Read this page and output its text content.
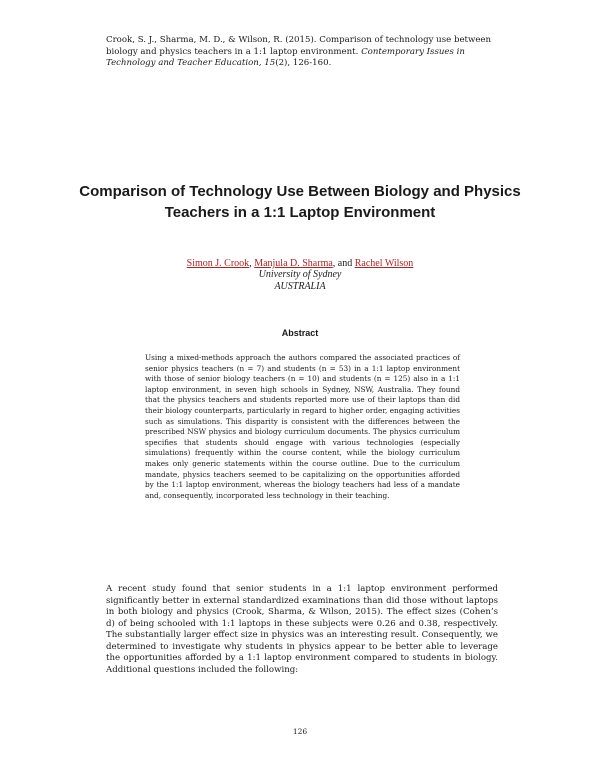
Crook, S. J., Sharma, M. D., & Wilson, R. (2015). Comparison of technology use between biology and physics teachers in a 1:1 laptop environment. Contemporary Issues in Technology and Teacher Education, 15(2), 126-160.
Comparison of Technology Use Between Biology and Physics Teachers in a 1:1 Laptop Environment
Simon J. Crook, Manjula D. Sharma, and Rachel Wilson
University of Sydney
AUSTRALIA
Abstract
Using a mixed-methods approach the authors compared the associated practices of senior physics teachers (n = 7) and students (n = 53) in a 1:1 laptop environment with those of senior biology teachers (n = 10) and students (n = 125) also in a 1:1 laptop environment, in seven high schools in Sydney, NSW, Australia. They found that the physics teachers and students reported more use of their laptops than did their biology counterparts, particularly in regard to higher order, engaging activities such as simulations. This disparity is consistent with the differences between the prescribed NSW physics and biology curriculum documents. The physics curriculum specifies that students should engage with various technologies (especially simulations) frequently within the course content, while the biology curriculum makes only generic statements within the course outline. Due to the curriculum mandate, physics teachers seemed to be capitalizing on the opportunities afforded by the 1:1 laptop environment, whereas the biology teachers had less of a mandate and, consequently, incorporated less technology in their teaching.
A recent study found that senior students in a 1:1 laptop environment performed significantly better in external standardized examinations than did those without laptops in both biology and physics (Crook, Sharma, & Wilson, 2015). The effect sizes (Cohen’s d) of being schooled with 1:1 laptops in these subjects were 0.26 and 0.38, respectively. The substantially larger effect size in physics was an interesting result. Consequently, we determined to investigate why students in physics appear to be better able to leverage the opportunities afforded by a 1:1 laptop environment compared to students in biology. Additional questions included the following:
126
